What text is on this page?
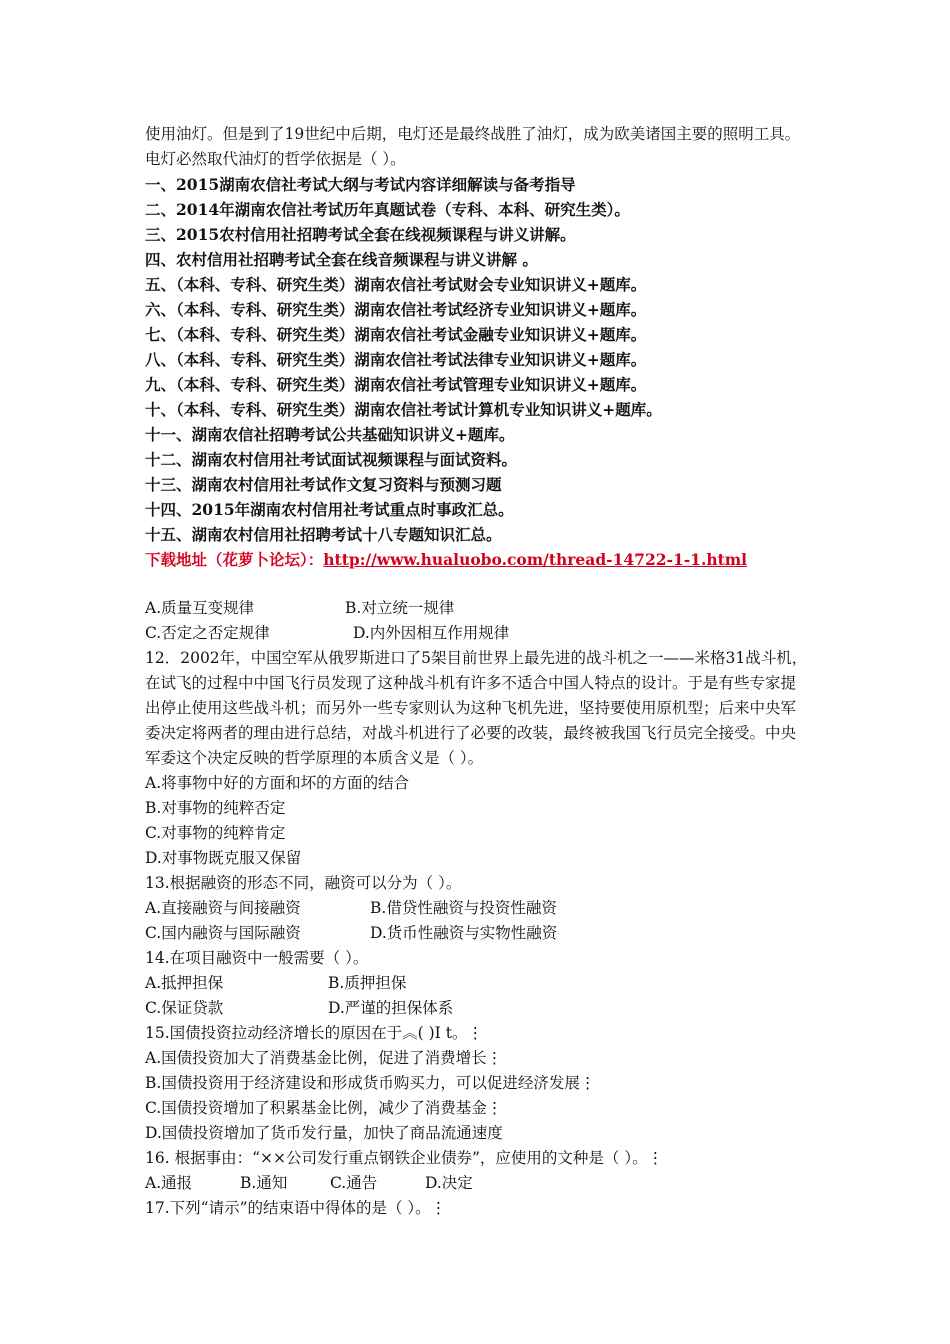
使用油灯。但是到了19世纪中后期，电灯还是最终战胜了油灯，成为欧美诸国主要的照明工具。电灯必然取代油灯的哲学依据是（ ）。
一、2015湖南农信社考试大纲与考试内容详细解读与备考指导
二、2014年湖南农信社考试历年真题试卷（专科、本科、研究生类）。
三、2015农村信用社招聘考试全套在线视频课程与讲义讲解。
四、农村信用社招聘考试全套在线音频课程与讲义讲解 。
五、（本科、专科、研究生类）湖南农信社考试财会专业知识讲义+题库。
六、（本科、专科、研究生类）湖南农信社考试经济专业知识讲义+题库。
七、（本科、专科、研究生类）湖南农信社考试金融专业知识讲义+题库。
八、（本科、专科、研究生类）湖南农信社考试法律专业知识讲义+题库。
九、（本科、专科、研究生类）湖南农信社考试管理专业知识讲义+题库。
十、（本科、专科、研究生类）湖南农信社考试计算机专业知识讲义+题库。
十一、湖南农信社招聘考试公共基础知识讲义+题库。
十二、湖南农村信用社考试面试视频课程与面试资料。
十三、湖南农村信用社考试作文复习资料与预测习题
十四、2015年湖南农村信用社考试重点时事政汇总。
十五、湖南农村信用社招聘考试十八专题知识汇总。
下载地址（花萝卜论坛）：http://www.hualuobo.com/thread-14722-1-1.html
A.质量互变规律	B.对立统一规律
C.否定之否定规律	D.内外因相互作用规律
12．2002年，中国空军从俄罗斯进口了5架目前世界上最先进的战斗机之一——米格31战斗机，在试飞的过程中中国飞行员发现了这种战斗机有许多不适合中国人特点的设计。于是有些专家提出停止使用这些战斗机；而另外一些专家则认为这种飞机先进，坚持要使用原机型；后来中央军委决定将两者的理由进行总结，对战斗机进行了必要的改装，最终被我国飞行员完全接受。中央军委这个决定反映的哲学原理的本质含义是（ ）。
A.将事物中好的方面和坏的方面的结合
B.对事物的纯粹否定
C.对事物的纯粹肯定
D.对事物既克服又保留
13.根据融资的形态不同，融资可以分为（ ）。
A.直接融资与间接融资	B.借贷性融资与投资性融资
C.国内融资与国际融资	D.货币性融资与实物性融资
14.在项目融资中一般需要（ ）。
A.抵押担保	B.质押担保
C.保证贷款	D.严谨的担保体系
15.国债投资拉动经济增长的原因在于︽( )I t。⋮
A.国债投资加大了消费基金比例，促进了消费增长⋮
B.国债投资用于经济建设和形成货币购买力，可以促进经济发展⋮
C.国债投资增加了积累基金比例，减少了消费基金⋮
D.国债投资增加了货币发行量，加快了商品流通速度
16. 根据事由：“××公司发行重点钢铁企业债券”，应使用的文种是（ ）。⋮
A.通报	B.通知	C.通告	D.决定
17.下列“请示”的结束语中得体的是（ ）。⋮
